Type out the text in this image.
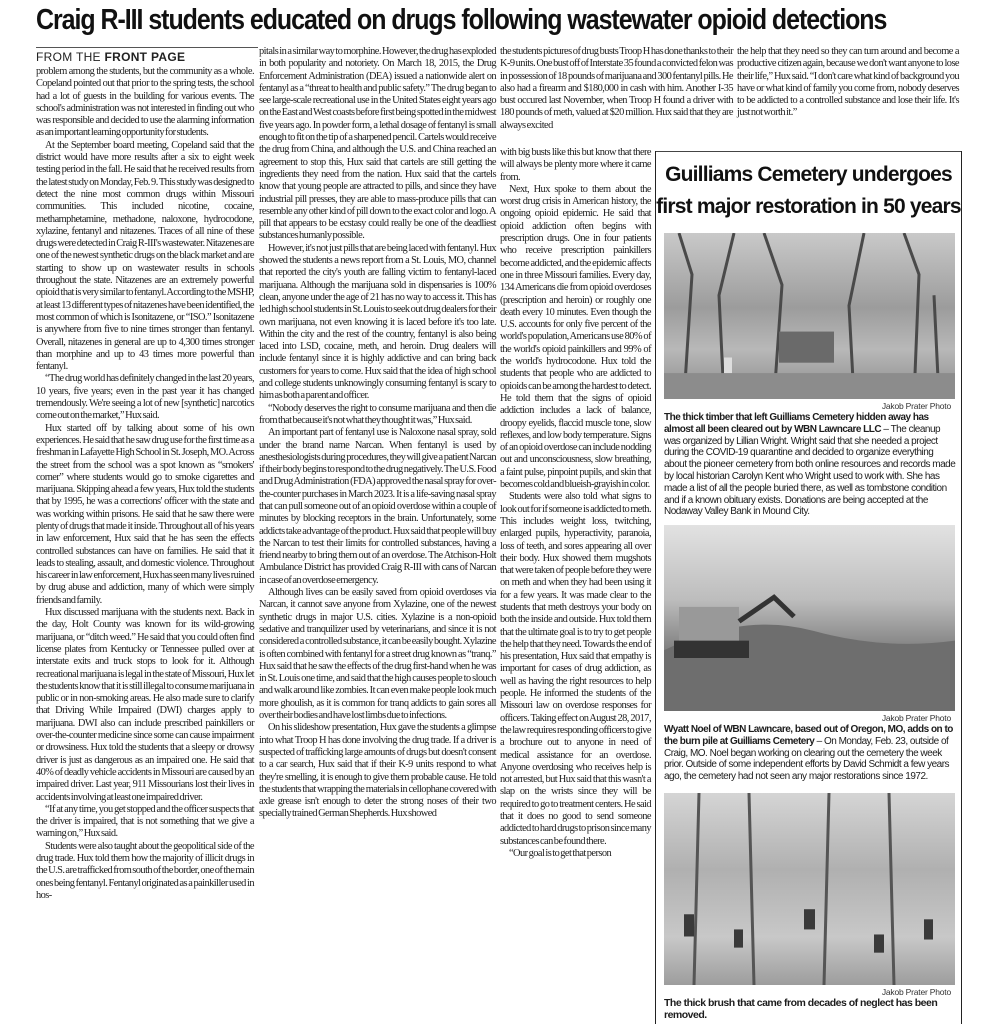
Craig R-III students educated on drugs following wastewater opioid detections
FROM THE FRONT PAGE

problem among the students, but the community as a whole. Copeland pointed out that prior to the spring tests, the school had a lot of guests in the building for various events. The school's administration was not interested in finding out who was responsible and decided to use the alarming information as an important learning opportunity for students.

At the September board meeting, Copeland said that the district would have more results after a six to eight week testing period in the fall. He said that he received results from the latest study on Monday, Feb. 9. This study was designed to detect the nine most common drugs within Missouri communities. This included nicotine, cocaine, methamphetamine, methadone, naloxone, hydrocodone, xylazine, fentanyl and nitazenes. Traces of all nine of these drugs were detected in Craig R-III's wastewater. Nitazenes are one of the newest synthetic drugs on the black market and are starting to show up on wastewater results in schools throughout the state. Nitazenes are an extremely powerful opioid that is very similar to fentanyl. According to the MSHP, at least 13 different types of nitazenes have been identified, the most common of which is Isonitazene, or “ISO.” Isonitazene is anywhere from five to nine times stronger than fentanyl. Overall, nitazenes in general are up to 4,300 times stronger than morphine and up to 43 times more powerful than fentanyl.

“The drug world has definitely changed in the last 20 years, 10 years, five years; even in the past year it has changed tremendously. We're seeing a lot of new [synthetic] narcotics come out on the market,” Hux said.

Hux started off by talking about some of his own experiences. He said that he saw drug use for the first time as a freshman in Lafayette High School in St. Joseph, MO. Across the street from the school was a spot known as “smokers' corner” where students would go to smoke cigarettes and marijuana. Skipping ahead a few years, Hux told the students that by 1995, he was a corrections' officer with the state and was working within prisons. He said that he saw there were plenty of drugs that made it inside. Throughout all of his years in law enforcement, Hux said that he has seen the effects controlled substances can have on families. He said that it leads to stealing, assault, and domestic violence. Throughout his career in law enforcement, Hux has seen many lives ruined by drug abuse and addiction, many of which were simply friends and family.

Hux discussed marijuana with the students next. Back in the day, Holt County was known for its wild-growing marijuana, or “ditch weed.” He said that you could often find license plates from Kentucky or Tennessee pulled over at interstate exits and truck stops to look for it. Although recreational marijuana is legal in the state of Missouri, Hux let the students know that it is still illegal to consume marijuana in public or in non-smoking areas. He also made sure to clarify that Driving While Impaired (DWI) charges apply to marijuana. DWI also can include prescribed painkillers or over-the-counter medicine since some can cause impairment or drowsiness. Hux told the students that a sleepy or drowsy driver is just as dangerous as an impaired one. He said that 40% of deadly vehicle accidents in Missouri are caused by an impaired driver. Last year, 911 Missourians lost their lives in accidents involving at least one impaired driver.

“If at any time, you get stopped and the officer suspects that the driver is impaired, that is not something that we give a warning on,” Hux said.

Students were also taught about the geopolitical side of the drug trade. Hux told them how the majority of illicit drugs in the U.S. are trafficked from south of the border, one of the main ones being fentanyl. Fentanyl originated as a painkiller used in hos-

pitals in a similar way to morphine. However, the drug has exploded in both popularity and notoriety. On March 18, 2015, the Drug Enforcement Administration (DEA) issued a nationwide alert on fentanyl as a “threat to health and public safety.” The drug began to see large-scale recreational use in the United States eight years ago on the East and West coasts before first being spotted in the midwest five years ago. In powder form, a lethal dosage of fentanyl is small enough to fit on the tip of a sharpened pencil. Cartels would receive the drug from China, and although the U.S. and China reached an agreement to stop this, Hux said that cartels are still getting the ingredients they need from the nation. Hux said that the cartels know that young people are attracted to pills, and since they have industrial pill presses, they are able to mass-produce pills that can resemble any other kind of pill down to the exact color and logo. A pill that appears to be ecstasy could really be one of the deadliest substances humanly possible.

However, it's not just pills that are being laced with fentanyl. Hux showed the students a news report from a St. Louis, MO, channel that reported the city's youth are falling victim to fentanyl-laced marijuana. Although the marijuana sold in dispensaries is 100% clean, anyone under the age of 21 has no way to access it. This has led high school students in St. Louis to seek out drug dealers for their own marijuana, not even knowing it is laced before it's too late. Within the city and the rest of the country, fentanyl is also being laced into LSD, cocaine, meth, and heroin. Drug dealers will include fentanyl since it is highly addictive and can bring back customers for years to come. Hux said that the idea of high school and college students unknowingly consuming fentanyl is scary to him as both a parent and officer.

“Nobody deserves the right to consume marijuana and then die from that because it's not what they thought it was,” Hux said.

An important part of fentanyl use is Naloxone nasal spray, sold under the brand name Narcan. When fentanyl is used by anesthesiologists during procedures, they will give a patient Narcan if their body begins to respond to the drug negatively. The U.S. Food and Drug Administration (FDA) approved the nasal spray for over-the-counter purchases in March 2023. It is a life-saving nasal spray that can pull someone out of an opioid overdose within a couple of minutes by blocking receptors in the brain. Unfortunately, some addicts take advantage of the product. Hux said that people will buy the Narcan to test their limits for controlled substances, having a friend nearby to bring them out of an overdose. The Atchison-Holt Ambulance District has provided Craig R-III with cans of Narcan in case of an overdose emergency.

Although lives can be easily saved from opioid overdoses via Narcan, it cannot save anyone from Xylazine, one of the newest synthetic drugs in major U.S. cities. Xylazine is a non-opioid sedative and tranquilizer used by veterinarians, and since it is not considered a controlled substance, it can be easily bought. Xylazine is often combined with fentanyl for a street drug known as “tranq.” Hux said that he saw the effects of the drug first-hand when he was in St. Louis one time, and said that the high causes people to slouch and walk around like zombies. It can even make people look much more ghoulish, as it is common for tranq addicts to gain sores all over their bodies and have lost limbs due to infections.

On his slideshow presentation, Hux gave the students a glimpse into what Troop H has done involving the drug trade. If a driver is suspected of trafficking large amounts of drugs but doesn't consent to a car search, Hux said that if their K-9 units respond to what they're smelling, it is enough to give them probable cause. He told the students that wrapping the materials in cellophane covered with axle grease isn't enough to deter the strong noses of their two specially trained German Shepherds. Hux showed

the students pictures of drug busts Troop H has done thanks to their K-9 units. One bust off of Interstate 35 found a convicted felon was in possession of 18 pounds of marijuana and 300 fentanyl pills. He also had a firearm and $180,000 in cash with him. Another I-35 bust occured last November, when Troop H found a driver with 180 pounds of meth, valued at $20 million. Hux said that they are always excited

with big busts like this but know that there will always be plenty more where it came from.

Next, Hux spoke to them about the worst drug crisis in American history, the ongoing opioid epidemic. He said that opioid addiction often begins with prescription drugs. One in four patients who receive prescription painkillers become addicted, and the epidemic affects one in three Missouri families. Every day, 134 Americans die from opioid overdoses (prescription and heroin) or roughly one death every 10 minutes. Even though the U.S. accounts for only five percent of the world's population, Americans use 80% of the world's opioid painkillers and 99% of the world's hydrocodone. Hux told the students that people who are addicted to opioids can be among the hardest to detect. He told them that the signs of opioid addiction includes a lack of balance, droopy eyelids, flaccid muscle tone, slow reflexes, and low body temperature. Signs of an opioid overdose can include nodding out and unconsciousness, slow breathing, a faint pulse, pinpoint pupils, and skin that becomes cold and blueish-grayish in color.

Students were also told what signs to look out for if someone is addicted to meth. This includes weight loss, twitching, enlarged pupils, hyperactivity, paranoia, loss of teeth, and sores appearing all over their body. Hux showed them mugshots that were taken of people before they were on meth and when they had been using it for a few years. It was made clear to the students that meth destroys your body on both the inside and outside. Hux told them that the ultimate goal is to try to get people the help that they need. Towards the end of his presentation, Hux said that empathy is important for cases of drug addiction, as well as having the right resources to help people. He informed the students of the Missouri law on overdose responses for officers. Taking effect on August 28, 2017, the law requires responding officers to give a brochure out to anyone in need of medical assistance for an overdose. Anyone overdosing who receives help is not arrested, but Hux said that this wasn't a slap on the wrists since they will be required to go to treatment centers. He said that it does no good to send someone addicted to hard drugs to prison since many substances can be found there.

“Our goal is to get that person

the help that they need so they can turn around and become a productive citizen again, because we don't want anyone to lose their life,” Hux said. “I don't care what kind of background you have or what kind of family you come from, nobody deserves to be addicted to a controlled substance and lose their life. It's just not worth it.”

Guilliams Cemetery undergoes
first major restoration in 50 years
Jakob Prater Photo
The thick timber that left Guilliams Cemetery hidden away has almost all been cleared out by WBN Lawncare LLC – The cleanup was organized by Lillian Wright. Wright said that she needed a project during the COVID-19 quarantine and decided to organize everything about the pioneer cemetery from both online resources and records made by local historian Carolyn Kent who Wright used to work with. She has made a list of all the people buried there, as well as tombstone condition and if a known obituary exists. Donations are being accepted at the Nodaway Valley Bank in Mound City.
Jakob Prater Photo
Wyatt Noel of WBN Lawncare, based out of Oregon, MO, adds on to the burn pile at Guilliams Cemetery – On Monday, Feb. 23, outside of Craig, MO. Noel began working on clearing out the cemetery the week prior. Outside of some independent efforts by David Schmidt a few years ago, the cemetery had not seen any major restorations since 1972.
Jakob Prater Photo
The thick brush that came from decades of neglect has been removed.
